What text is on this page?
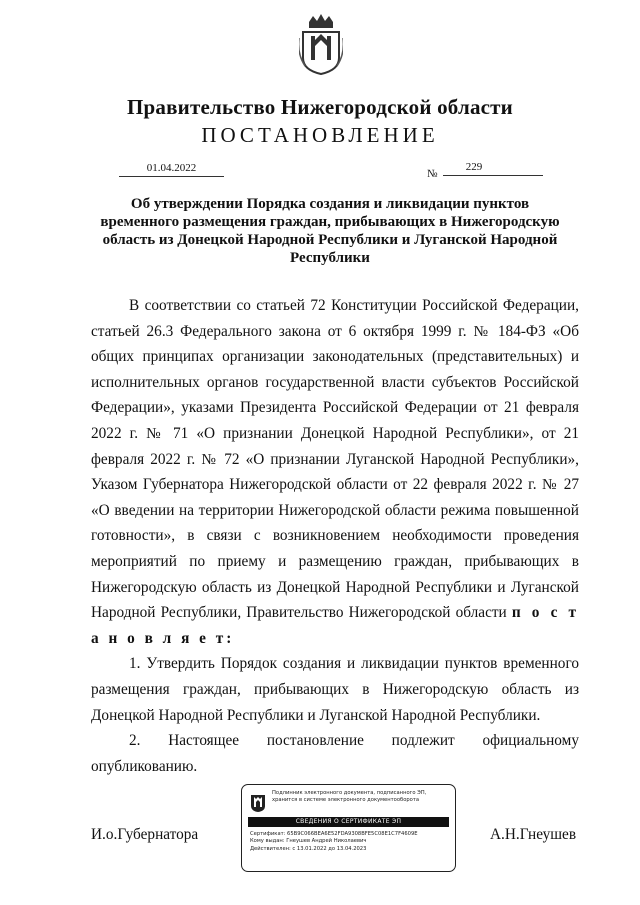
Правительство Нижегородской области
ПОСТАНОВЛЕНИЕ
01.04.2022	№
229
Об утверждении Порядка создания и ликвидации пунктов временного размещения граждан, прибывающих в Нижегородскую область из Донецкой Народной Республики и Луганской Народной Республики

В соответствии со статьей 72 Конституции Российской Федерации, статьей 26.3 Федерального закона от 6 октября 1999 г. № 184-ФЗ «Об общих принципах организации законодательных (представительных) и исполнительных органов государственной власти субъектов Российской Федерации», указами Президента Российской Федерации от 21 февраля 2022 г. № 71 «О признании Донецкой Народной Республики», от 21 февраля 2022 г. № 72 «О признании Луганской Народной Республики», Указом Губернатора Нижегородской области от 22 февраля 2022 г. № 27 «О введении на территории Нижегородской области режима повышенной готовности», в связи с возникновением необходимости проведения мероприятий по приему и размещению граждан, прибывающих в Нижегородскую область из Донецкой Народной Республики и Луганской Народной Республики, Правительство Нижегородской области п о с т а н о в л я е т:

1. Утвердить Порядок создания и ликвидации пунктов временного размещения граждан, прибывающих в Нижегородскую область из Донецкой Народной Республики и Луганской Народной Республики.

2. Настоящее постановление подлежит официальному опубликованию.

И.о.Губернатора	А.Н.Гнеушев
Подлинник электронного документа, подписанного ЭП, хранится в системе электронного документооборота
СВЕДЕНИЯ О СЕРТИФИКАТЕ ЭП
Сертификат: 65B9C066BEA6E52FDA9308BFE5C08E1C7F4609E
Кому выдан: Гнеушев Андрей Николаевич
Действителен: с 13.01.2022 до 13.04.2023
